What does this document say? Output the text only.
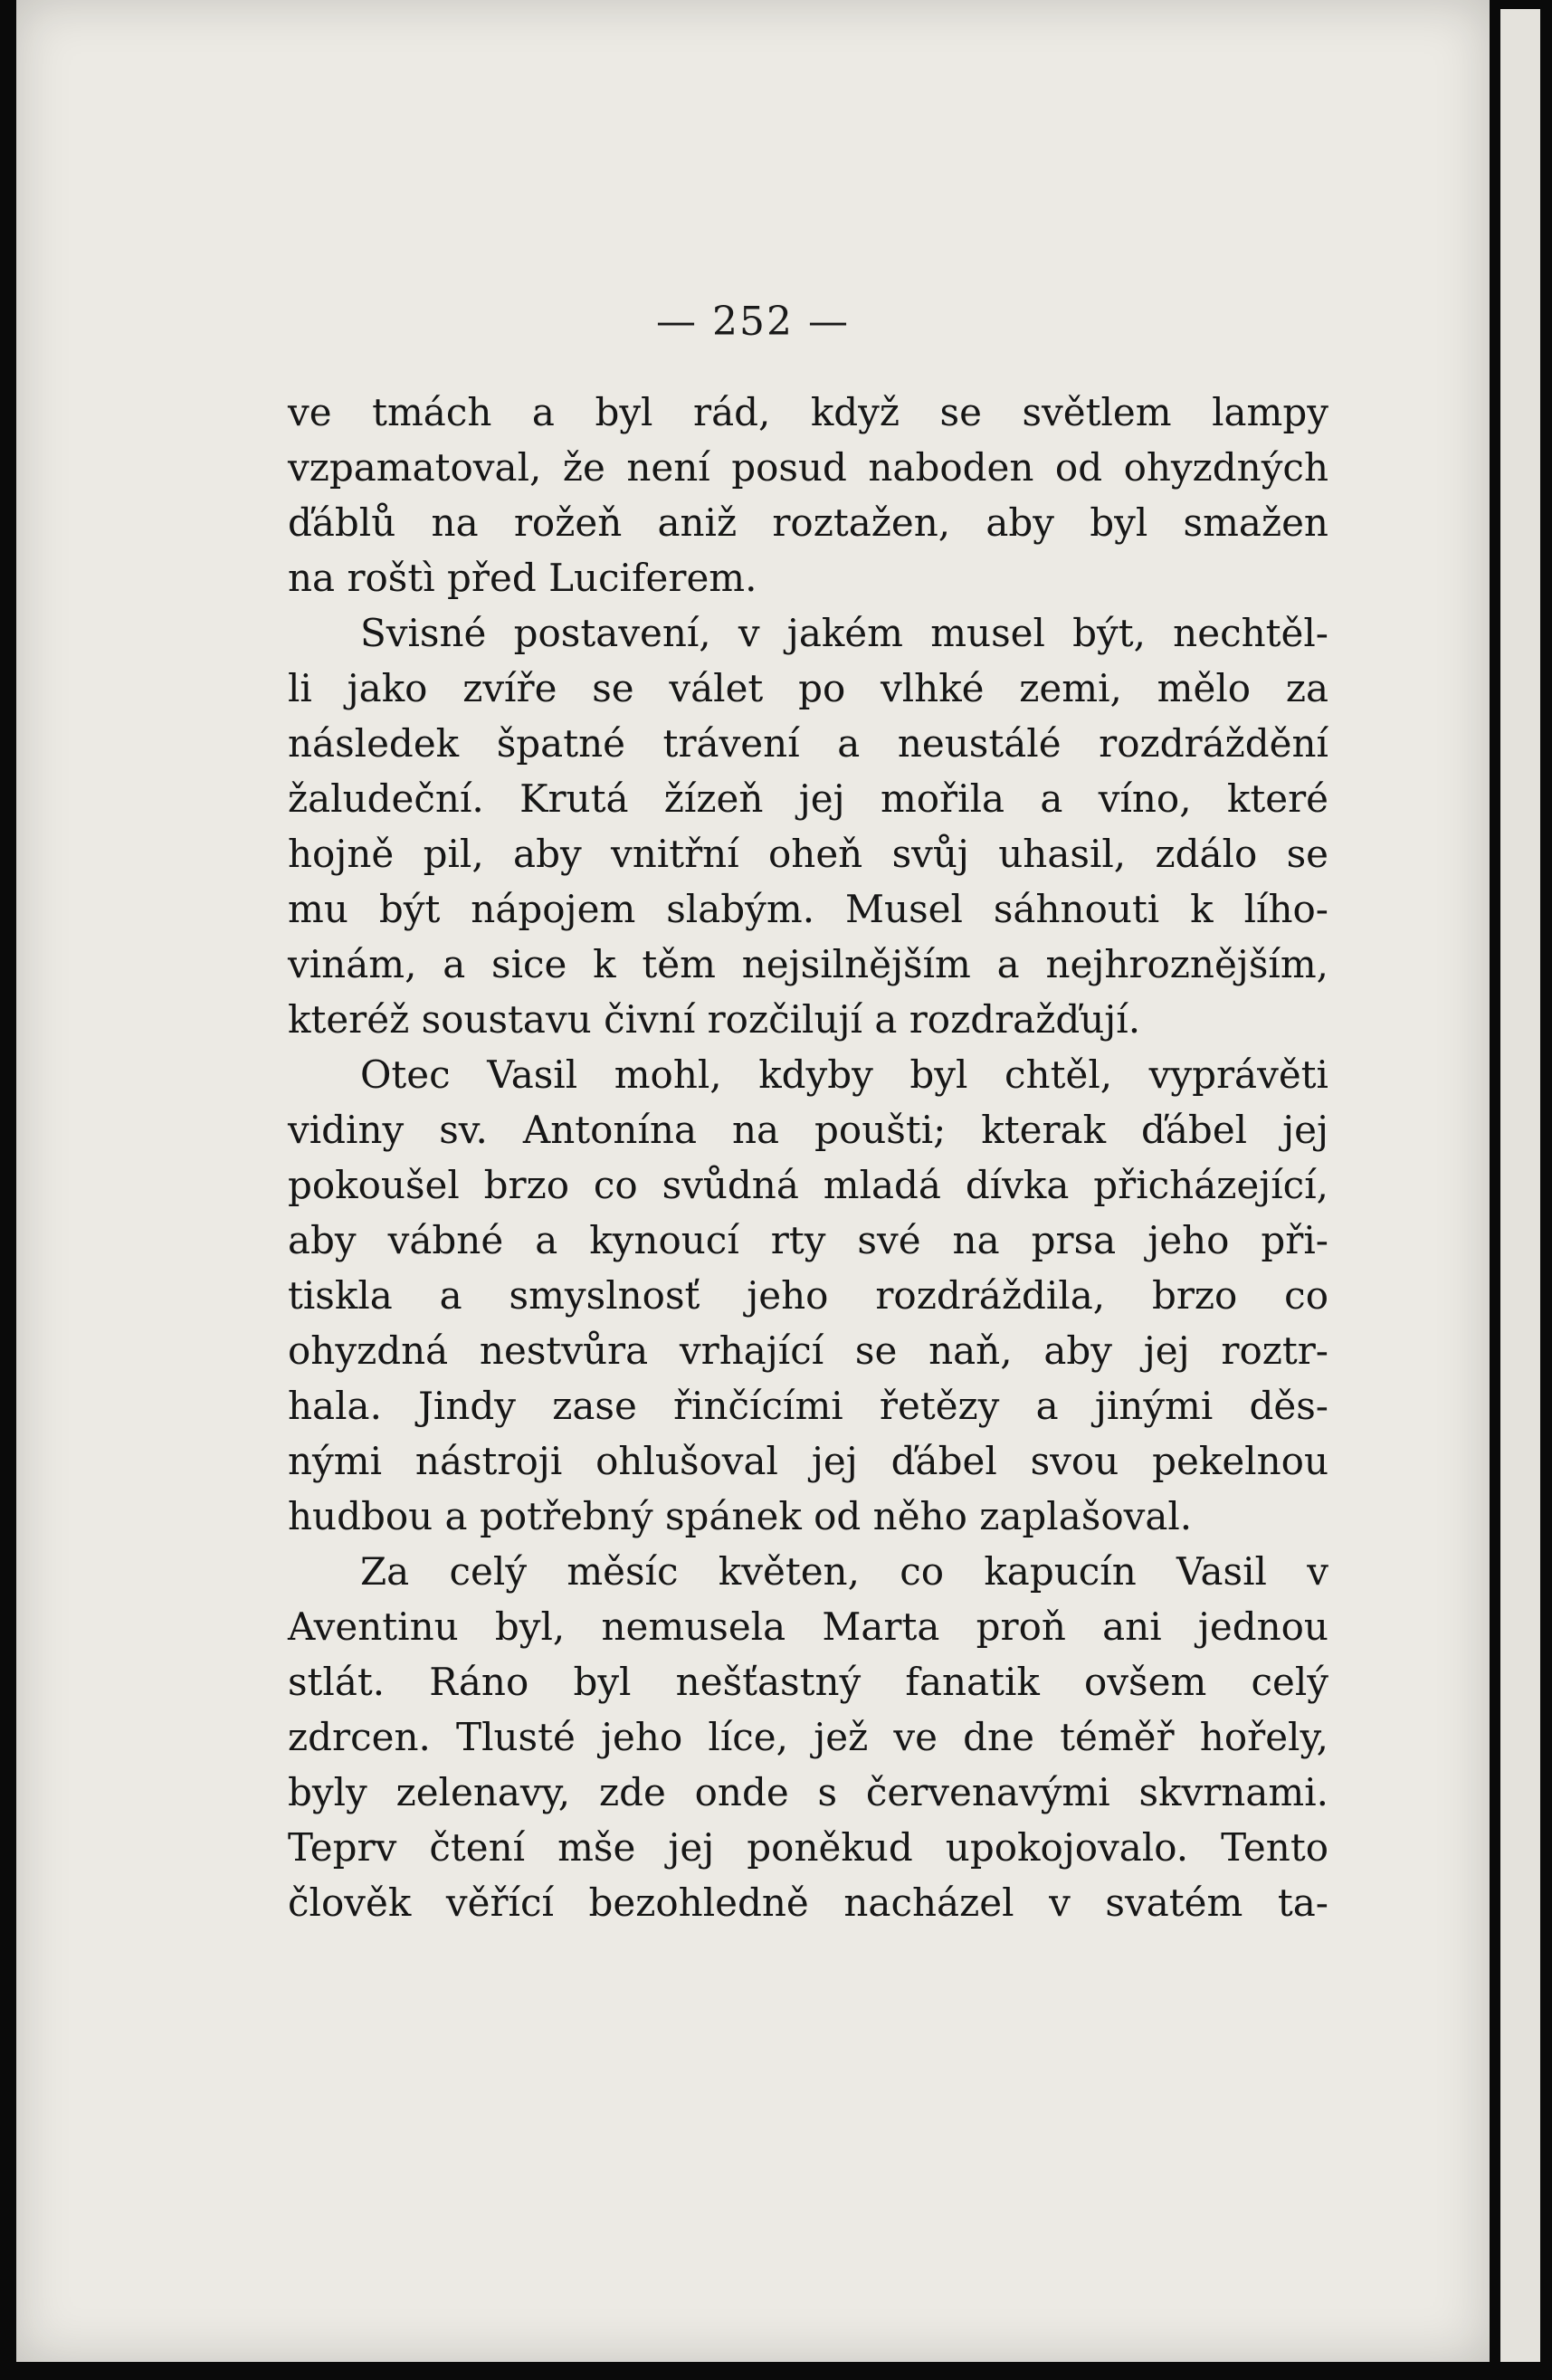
— 252 —
ve tmách a byl rád, když se světlem lampy
vzpamatoval, že není posud naboden od ohyzdných
ďáblů na rožeň aniž roztažen, aby byl smažen
na roštì před Luciferem.
Svisné postavení, v jakém musel být, nechtěl-
li jako zvíře se válet po vlhké zemi, mělo za
následek špatné trávení a neustálé rozdráždění
žaludeční. Krutá žízeň jej mořila a víno, které
hojně pil, aby vnitřní oheň svůj uhasil, zdálo se
mu být nápojem slabým. Musel sáhnouti k lího-
vinám, a sice k těm nejsilnějším a nejhroznějším,
kteréž soustavu čivní rozčilují a rozdražďují.
Otec Vasil mohl, kdyby byl chtěl, vyprávěti
vidiny sv. Antonína na poušti; kterak ďábel jej
pokoušel brzo co svůdná mladá dívka přicházející,
aby vábné a kynoucí rty své na prsa jeho při-
tiskla a smyslnosť jeho rozdráždila, brzo co
ohyzdná nestvůra vrhající se naň, aby jej roztr-
hala. Jindy zase řinčícími řetězy a jinými děs-
nými nástroji ohlušoval jej ďábel svou pekelnou
hudbou a potřebný spánek od něho zaplašoval.
Za celý měsíc květen, co kapucín Vasil v
Aventinu byl, nemusela Marta proň ani jednou
stlát. Ráno byl nešťastný fanatik ovšem celý
zdrcen. Tlusté jeho líce, jež ve dne téměř hořely,
byly zelenavy, zde onde s červenavými skvrnami.
Teprv čtení mše jej poněkud upokojovalo. Tento
člověk věřící bezohledně nacházel v svatém ta-
